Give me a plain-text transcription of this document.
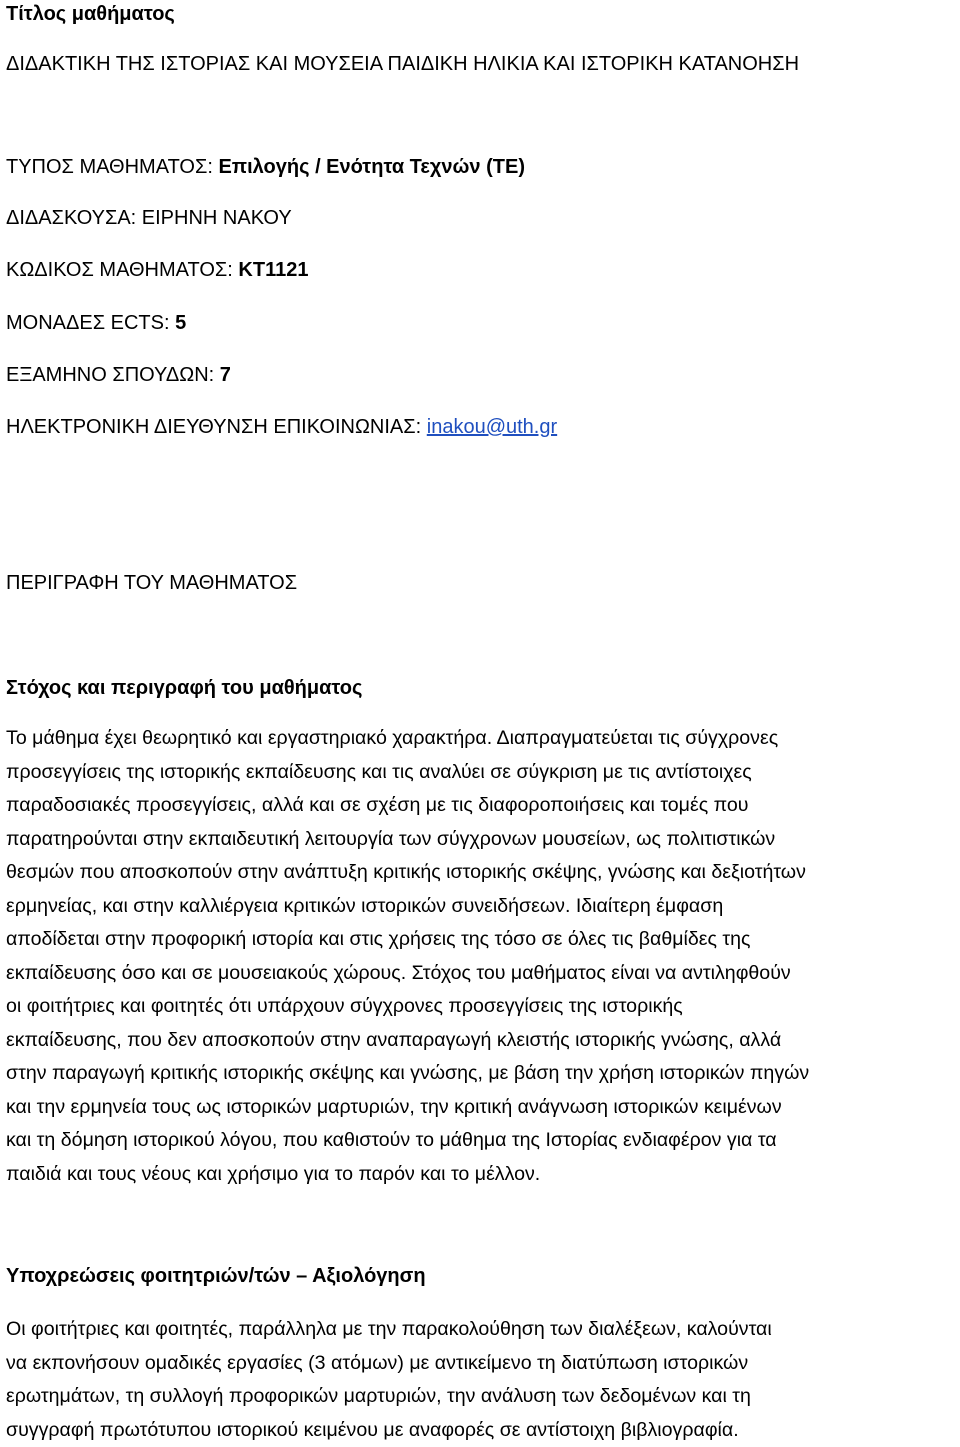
Τίτλος μαθήματος
ΔΙΔΑΚΤΙΚΗ ΤΗΣ ΙΣΤΟΡΙΑΣ ΚΑΙ ΜΟΥΣΕΙΑ ΠΑΙΔΙΚΗ ΗΛΙΚΙΑ ΚΑΙ ΙΣΤΟΡΙΚΗ ΚΑΤΑΝΟΗΣΗ
ΤΥΠΟΣ ΜΑΘΗΜΑΤΟΣ: Επιλογής / Ενότητα Τεχνών (ΤΕ)
ΔΙΔΑΣΚΟΥΣΑ: ΕΙΡΗΝΗ ΝΑΚΟΥ
ΚΩΔΙΚΟΣ ΜΑΘΗΜΑΤΟΣ: ΚΤ1121
ΜΟΝΑΔΕΣ ECTS: 5
ΕΞΑΜΗΝΟ ΣΠΟΥΔΩΝ: 7
ΗΛΕΚΤΡΟΝΙΚΗ ΔΙΕΥΘΥΝΣΗ ΕΠΙΚΟΙΝΩΝΙΑΣ: inakou@uth.gr
ΠΕΡΙΓΡΑΦΗ ΤΟΥ ΜΑΘΗΜΑΤΟΣ
Στόχος και περιγραφή του μαθήματος
Το μάθημα έχει θεωρητικό και εργαστηριακό χαρακτήρα. Διαπραγματεύεται τις σύγχρονες
προσεγγίσεις της ιστορικής εκπαίδευσης και τις αναλύει σε σύγκριση με τις αντίστοιχες
παραδοσιακές προσεγγίσεις, αλλά και σε σχέση με τις διαφοροποιήσεις και τομές που
παρατηρούνται στην εκπαιδευτική λειτουργία των σύγχρονων μουσείων, ως πολιτιστικών
θεσμών που αποσκοπούν στην ανάπτυξη κριτικής ιστορικής σκέψης, γνώσης και δεξιοτήτων
ερμηνείας, και στην καλλιέργεια κριτικών ιστορικών συνειδήσεων. Ιδιαίτερη έμφαση
αποδίδεται στην προφορική ιστορία και στις χρήσεις της τόσο σε όλες τις βαθμίδες της
εκπαίδευσης όσο και σε μουσειακούς χώρους. Στόχος του μαθήματος είναι να αντιληφθούν
οι φοιτήτριες και φοιτητές ότι υπάρχουν σύγχρονες προσεγγίσεις της ιστορικής
εκπαίδευσης, που δεν αποσκοπούν στην αναπαραγωγή κλειστής ιστορικής γνώσης, αλλά
στην παραγωγή κριτικής ιστορικής σκέψης και γνώσης, με βάση την χρήση ιστορικών πηγών
και την ερμηνεία τους ως ιστορικών μαρτυριών, την κριτική ανάγνωση ιστορικών κειμένων
και τη δόμηση ιστορικού λόγου, που καθιστούν το μάθημα της Ιστορίας ενδιαφέρον για τα
παιδιά και τους νέους και χρήσιμο για το παρόν και το μέλλον.
Υποχρεώσεις φοιτητριών/τών – Αξιολόγηση
Οι φοιτήτριες και φοιτητές, παράλληλα με την παρακολούθηση των διαλέξεων, καλούνται
να εκπονήσουν ομαδικές εργασίες (3 ατόμων) με αντικείμενο τη διατύπωση ιστορικών
ερωτημάτων, τη συλλογή προφορικών μαρτυριών, την ανάλυση των δεδομένων και τη
συγγραφή πρωτότυπου ιστορικού κειμένου με αναφορές σε αντίστοιχη βιβλιογραφία.
